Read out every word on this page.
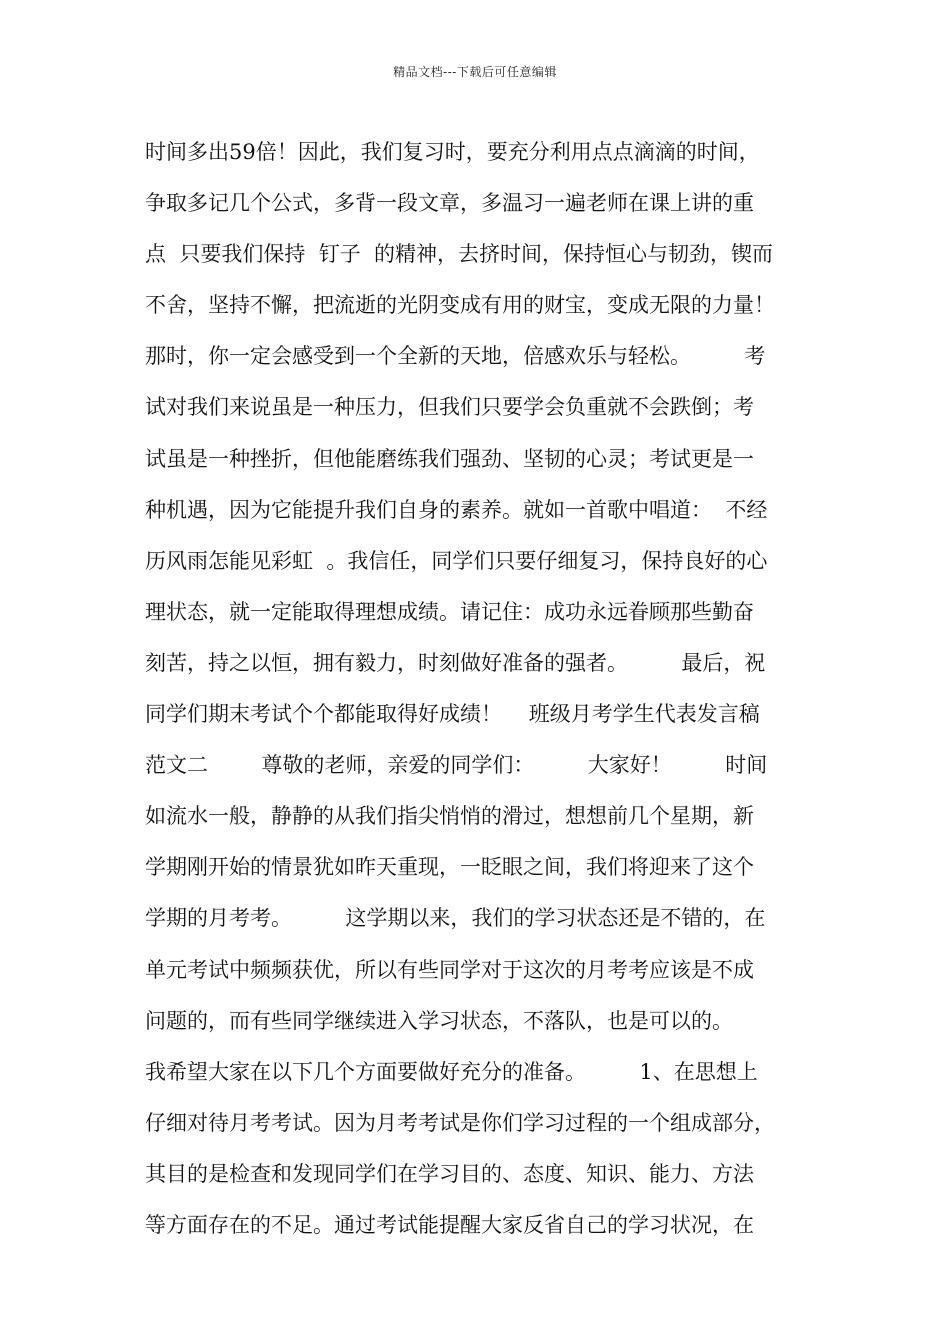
精品文档---下载后可任意编辑
时间多出59倍！因此，我们复习时，要充分利用点点滴滴的时间，
争取多记几个公式，多背一段文章，多温习一遍老师在课上讲的重
点  只要我们保持  钉子  的精神，去挤时间，保持恒心与韧劲，锲而
不舍，坚持不懈，把流逝的光阴变成有用的财宝，变成无限的力量！
那时，你一定会感受到一个全新的天地，倍感欢乐与轻松。        考
试对我们来说虽是一种压力，但我们只要学会负重就不会跌倒；考
试虽是一种挫折，但他能磨练我们强劲、坚韧的心灵；考试更是一
种机遇，因为它能提升我们自身的素养。就如一首歌中唱道：  不经
历风雨怎能见彩虹  。我信任，同学们只要仔细复习，保持良好的心
理状态，就一定能取得理想成绩。请记住：成功永远眷顾那些勤奋
刻苦，持之以恒，拥有毅力，时刻做好准备的强者。        最后，祝
同学们期末考试个个都能取得好成绩！    班级月考学生代表发言稿
范文二        尊敬的老师，亲爱的同学们：        大家好！        时间
如流水一般，静静的从我们指尖悄悄的滑过，想想前几个星期，新
学期刚开始的情景犹如昨天重现，一眨眼之间，我们将迎来了这个
学期的月考考。        这学期以来，我们的学习状态还是不错的，在
单元考试中频频获优，所以有些同学对于这次的月考考应该是不成
问题的，而有些同学继续进入学习状态，不落队，也是可以的。
我希望大家在以下几个方面要做好充分的准备。        1、在思想上
仔细对待月考考试。因为月考考试是你们学习过程的一个组成部分，
其目的是检查和发现同学们在学习目的、态度、知识、能力、方法
等方面存在的不足。通过考试能提醒大家反省自己的学习状况，在
